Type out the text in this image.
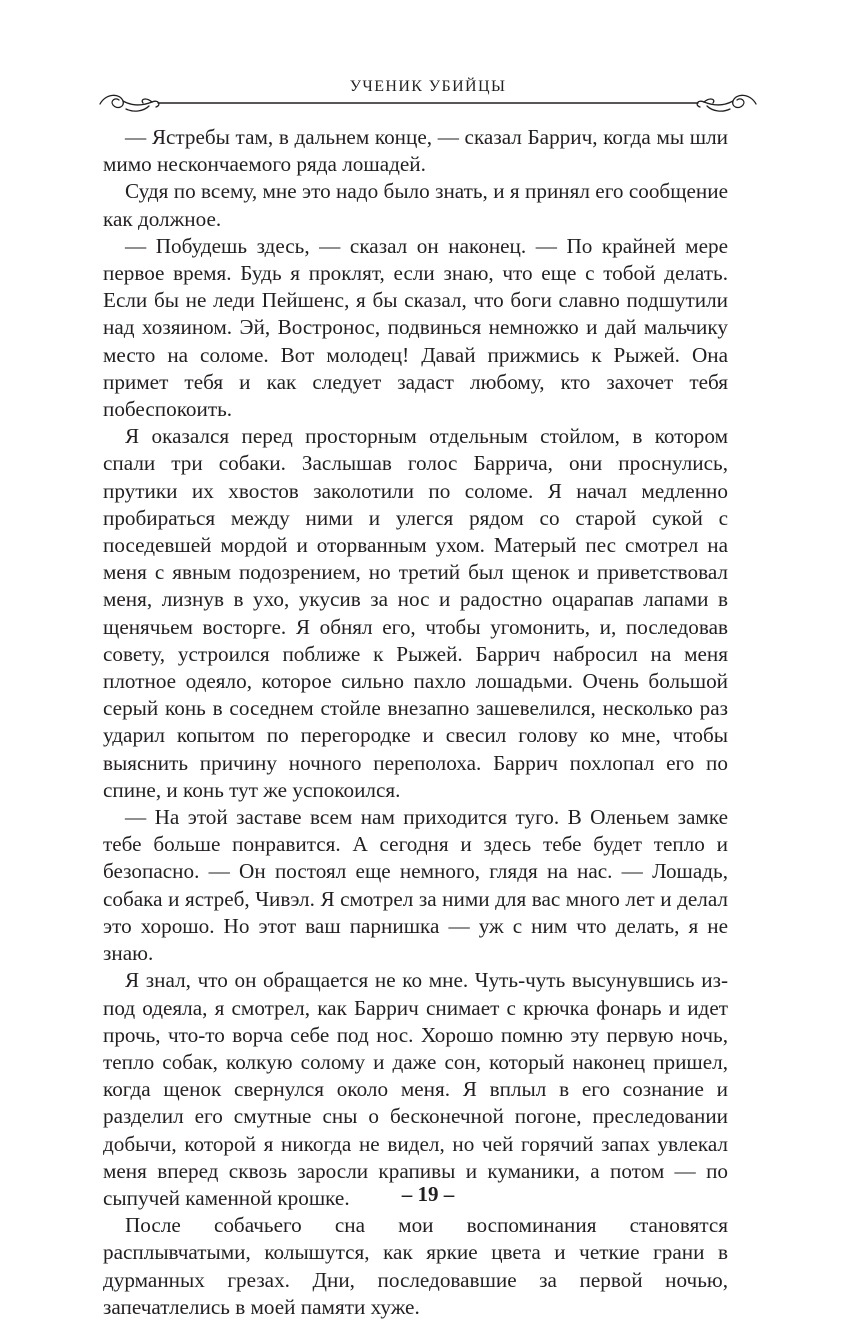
УЧЕНИК УБИЙЦЫ

— Ястребы там, в дальнем конце, — сказал Баррич, когда мы шли мимо нескончаемого ряда лошадей.

Судя по всему, мне это надо было знать, и я принял его сообщение как должное.

— Побудешь здесь, — сказал он наконец. — По крайней мере первое время. Будь я проклят, если знаю, что еще с тобой делать. Если бы не леди Пейшенс, я бы сказал, что боги славно подшутили над хозяином. Эй, Востронос, подвинься немножко и дай мальчику место на соломе. Вот молодец! Давай прижмись к Рыжей. Она примет тебя и как следует задаст любому, кто захочет тебя побеспокоить.

Я оказался перед просторным отдельным стойлом, в котором спали три собаки. Заслышав голос Баррича, они проснулись, прутики их хвостов заколотили по соломе. Я начал медленно пробираться между ними и улегся рядом со старой сукой с поседевшей мордой и оторванным ухом. Матерый пес смотрел на меня с явным подозрением, но третий был щенок и приветствовал меня, лизнув в ухо, укусив за нос и радостно оцарапав лапами в щенячьем восторге. Я обнял его, чтобы угомонить, и, последовав совету, устроился поближе к Рыжей. Баррич набросил на меня плотное одеяло, которое сильно пахло лошадьми. Очень большой серый конь в соседнем стойле внезапно зашевелился, несколько раз ударил копытом по перегородке и свесил голову ко мне, чтобы выяснить причину ночного переполоха. Баррич похлопал его по спине, и конь тут же успокоился.

— На этой заставе всем нам приходится туго. В Оленьем замке тебе больше понравится. А сегодня и здесь тебе будет тепло и безопасно. — Он постоял еще немного, глядя на нас. — Лошадь, собака и ястреб, Чивэл. Я смотрел за ними для вас много лет и делал это хорошо. Но этот ваш парнишка — уж с ним что делать, я не знаю.

Я знал, что он обращается не ко мне. Чуть-чуть высунувшись из-под одеяла, я смотрел, как Баррич снимает с крючка фонарь и идет прочь, что-то ворча себе под нос. Хорошо помню эту первую ночь, тепло собак, колкую солому и даже сон, который наконец пришел, когда щенок свернулся около меня. Я вплыл в его сознание и разделил его смутные сны о бесконечной погоне, преследовании добычи, которой я никогда не видел, но чей горячий запах увлекал меня вперед сквозь заросли крапивы и куманики, а потом — по сыпучей каменной крошке.

После собачьего сна мои воспоминания становятся расплывчатыми, колышутся, как яркие цвета и четкие грани в дурманных грезах. Дни, последовавшие за первой ночью, запечатлелись в моей памяти хуже.

– 19 –
